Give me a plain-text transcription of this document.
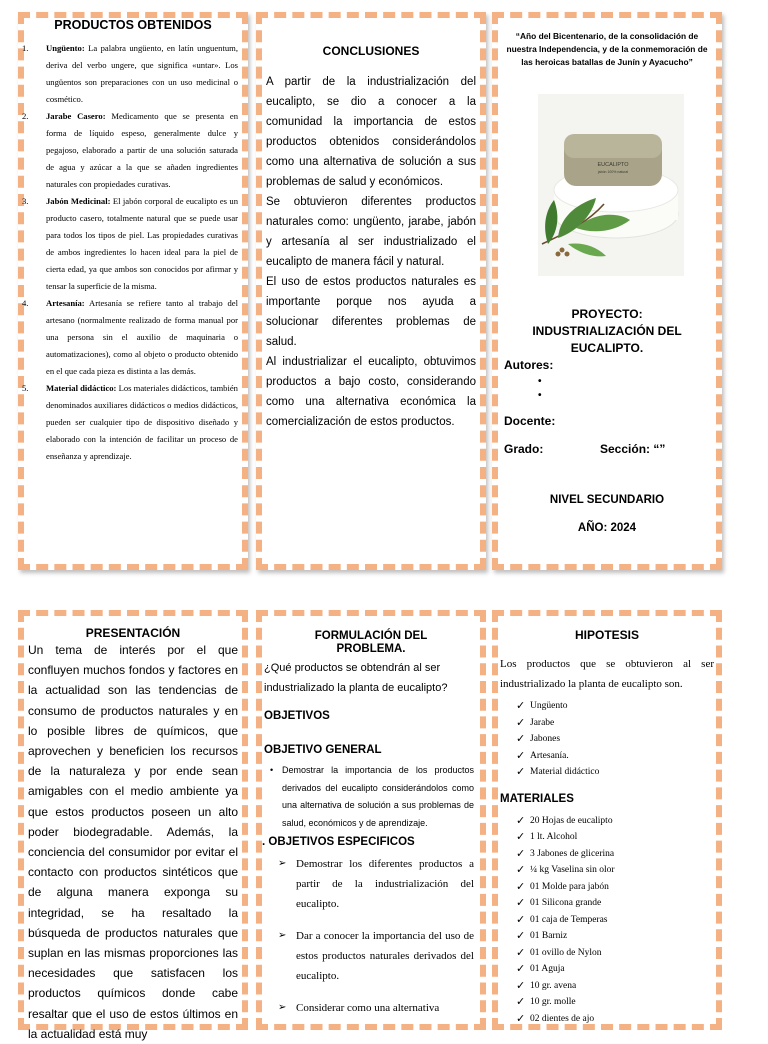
PRODUCTOS OBTENIDOS
1. Ungüento: La palabra ungüento, en latín unguentum, deriva del verbo ungere, que significa «untar». Los ungüentos son preparaciones con un uso medicinal o cosmético.
2. Jarabe Casero: Medicamento que se presenta en forma de líquido espeso, generalmente dulce y pegajoso, elaborado a partir de una solución saturada de agua y azúcar a la que se añaden ingredientes naturales con propiedades curativas.
3. Jabón Medicinal: El jabón corporal de eucalipto es un producto casero, totalmente natural que se puede usar para todos los tipos de piel. Las propiedades curativas de ambos ingredientes lo hacen ideal para la piel de cierta edad, ya que ambos son conocidos por afirmar y tensar la superficie de la misma.
4. Artesanía: Artesanía se refiere tanto al trabajo del artesano (normalmente realizado de forma manual por una persona sin el auxilio de maquinaria o automatizaciones), como al objeto o producto obtenido en el que cada pieza es distinta a las demás.
5. Material didáctico: Los materiales didácticos, también denominados auxiliares didácticos o medios didácticos, pueden ser cualquier tipo de dispositivo diseñado y elaborado con la intención de facilitar un proceso de enseñanza y aprendizaje.
CONCLUSIONES

A partir de la industrialización del eucalipto, se dio a conocer a la comunidad la importancia de estos productos obtenidos considerándolos como una alternativa de solución a sus problemas de salud y económicos.

Se obtuvieron diferentes productos naturales como: ungüento, jarabe, jabón y artesanía al ser industrializado el eucalipto de manera fácil y natural.

El uso de estos productos naturales es importante porque nos ayuda a solucionar diferentes problemas de salud.

Al industrializar el eucalipto, obtuvimos productos a bajo costo, considerando como una alternativa económica la comercialización de estos productos.

“Año del Bicentenario, de la consolidación de nuestra Independencia, y de la conmemoración de las heroicas batallas de Junín y Ayacucho”
EUCALIPTO
jabón 100% natural
PROYECTO:
INDUSTRIALIZACIÓN DEL EUCALIPTO.
Autores:
•
•
Docente:
Grado:	Sección: “”
NIVEL SECUNDARIO
AÑO: 2024
PRESENTACIÓN
Un tema de interés por el que confluyen muchos fondos y factores en la actualidad son las tendencias de consumo de productos naturales y en lo posible libres de químicos, que aprovechen y beneficien los recursos de la naturaleza y por ende sean amigables con el medio ambiente ya que estos productos poseen un alto poder biodegradable. Además, la conciencia del consumidor por evitar el contacto con productos sintéticos que de alguna manera exponga su integridad, se ha resaltado la búsqueda de productos naturales que suplan en las mismas proporciones las necesidades que satisfacen los productos químicos donde cabe resaltar que el uso de estos últimos en la actualidad está muy
FORMULACIÓN DEL PROBLEMA.
¿Qué productos se obtendrán al ser industrializado la planta de eucalipto?
OBJETIVOS
OBJETIVO GENERAL
• Demostrar la importancia de los productos derivados del eucalipto considerándolos como una alternativa de solución a sus problemas de salud, económicos y de aprendizaje.
. OBJETIVOS ESPECIFICOS
➢ Demostrar los diferentes productos a partir de la industrialización del eucalipto.
➢ Dar a conocer la importancia del uso de estos productos naturales derivados del eucalipto.
➢ Considerar como una alternativa
HIPOTESIS
Los productos que se obtuvieron al ser industrializado la planta de eucalipto son.
✓ Ungüento
✓ Jarabe
✓ Jabones
✓ Artesanía.
✓ Material didáctico
MATERIALES
✓ 20 Hojas de eucalipto
✓ 1 lt. Alcohol
✓ 3 Jabones de glicerina
✓ ¼ kg Vaselina sin olor
✓ 01 Molde para jabón
✓ 01 Silicona grande
✓ 01 caja de Temperas
✓ 01 Barniz
✓ 01 ovillo de Nylon
✓ 01 Aguja
✓ 10 gr. avena
✓ 10 gr. molle
✓ 02 dientes de ajo
